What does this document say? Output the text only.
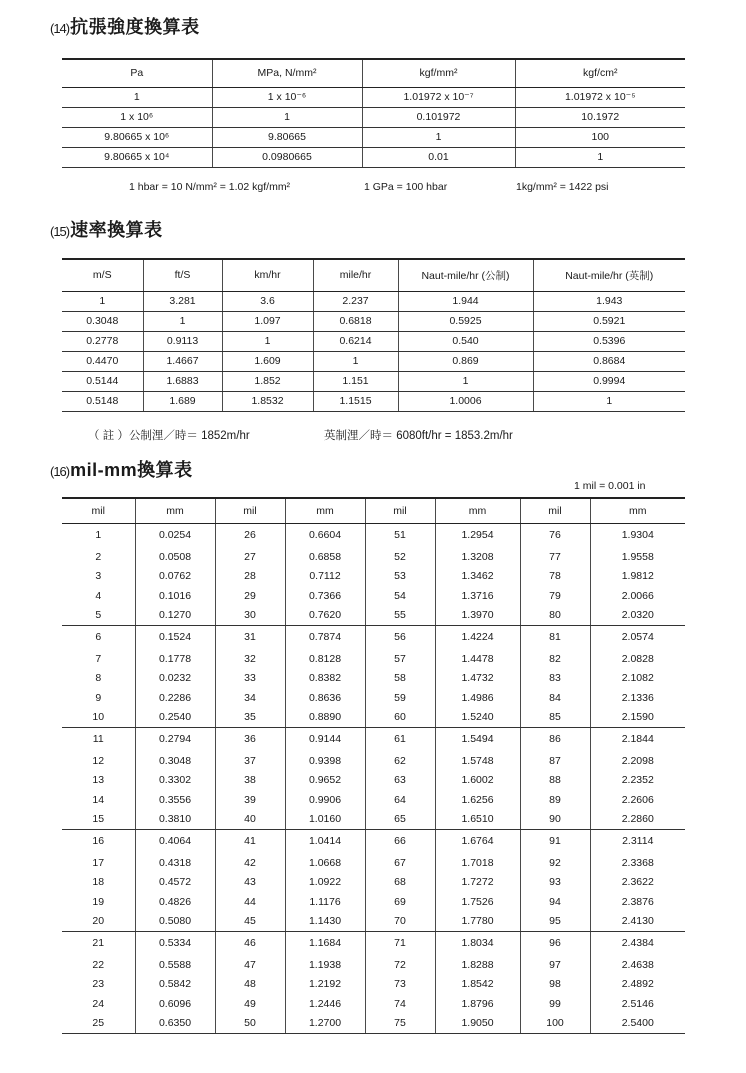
(14)抗張強度換算表
Pa	MPa, N/mm²	kgf/mm²	kgf/cm²
1	1 x 10⁻⁶	1.01972 x 10⁻⁷	1.01972 x 10⁻⁵
1 x 10⁶	1	0.101972	10.1972
9.80665 x 10⁶	9.80665	1	100
9.80665 x 10⁴	0.0980665	0.01	1
1 hbar = 10 N/mm² = 1.02 kgf/mm²	1 GPa = 100 hbar	1kg/mm² = 1422 psi
(15)速率換算表
m/S	ft/S	km/hr	mile/hr	Naut-mile/hr (公制)	Naut-mile/hr (英制)
1	3.281	3.6	2.237	1.944	1.943
0.3048	1	1.097	0.6818	0.5925	0.5921
0.2778	0.9113	1	0.6214	0.540	0.5396
0.4470	1.4667	1.609	1	0.869	0.8684
0.5144	1.6883	1.852	1.151	1	0.9994
0.5148	1.689	1.8532	1.1515	1.0006	1
（ 註 ）公制浬／時＝ 1852m/hr	英制浬／時＝ 6080ft/hr = 1853.2m/hr
(16)mil-mm換算表
1 mil = 0.001 in
mil	mm	mil	mm	mil	mm	mil	mm
1	0.0254	26	0.6604	51	1.2954	76	1.9304
2	0.0508	27	0.6858	52	1.3208	77	1.9558
3	0.0762	28	0.7112	53	1.3462	78	1.9812
4	0.1016	29	0.7366	54	1.3716	79	2.0066
5	0.1270	30	0.7620	55	1.3970	80	2.0320
6	0.1524	31	0.7874	56	1.4224	81	2.0574
7	0.1778	32	0.8128	57	1.4478	82	2.0828
8	0.0232	33	0.8382	58	1.4732	83	2.1082
9	0.2286	34	0.8636	59	1.4986	84	2.1336
10	0.2540	35	0.8890	60	1.5240	85	2.1590
11	0.2794	36	0.9144	61	1.5494	86	2.1844
12	0.3048	37	0.9398	62	1.5748	87	2.2098
13	0.3302	38	0.9652	63	1.6002	88	2.2352
14	0.3556	39	0.9906	64	1.6256	89	2.2606
15	0.3810	40	1.0160	65	1.6510	90	2.2860
16	0.4064	41	1.0414	66	1.6764	91	2.3114
17	0.4318	42	1.0668	67	1.7018	92	2.3368
18	0.4572	43	1.0922	68	1.7272	93	2.3622
19	0.4826	44	1.1176	69	1.7526	94	2.3876
20	0.5080	45	1.1430	70	1.7780	95	2.4130
21	0.5334	46	1.1684	71	1.8034	96	2.4384
22	0.5588	47	1.1938	72	1.8288	97	2.4638
23	0.5842	48	1.2192	73	1.8542	98	2.4892
24	0.6096	49	1.2446	74	1.8796	99	2.5146
25	0.6350	50	1.2700	75	1.9050	100	2.5400
